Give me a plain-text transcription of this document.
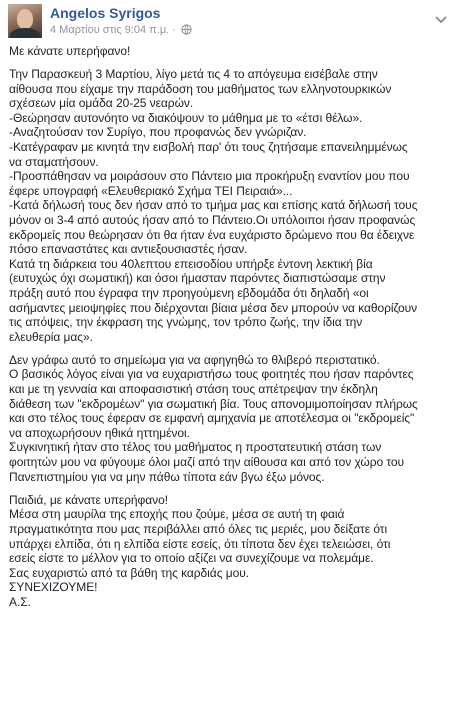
Angelos Syrigos
4 Μαρτίου στις 9:04 π.μ. ·
Με κάνατε υπερήφανο!
Την Παρασκευή 3 Μαρτίου, λίγο μετά τις 4 το απόγευμα εισέβαλε στην
αίθουσα που είχαμε την παράδοση του μαθήματος των ελληνοτουρκικών
σχέσεων μία ομάδα 20-25 νεαρών.
-Θεώρησαν αυτονόητο να διακόψουν το μάθημα με το «έτσι θέλω».
-Αναζητούσαν τον Συρίγο, που προφανώς δεν γνώριζαν.
-Κατέγραφαν με κινητά την εισβολή παρ' ότι τους ζητήσαμε επανειλημμένως
να σταματήσουν.
-Προσπάθησαν να μοιράσουν στο Πάντειο μια προκήρυξη εναντίον μου που
έφερε υπογραφή «Ελευθεριακό Σχήμα ΤΕΙ Πειραιά»...
-Κατά δήλωσή τους δεν ήσαν από το τμήμα μας και επίσης κατά δήλωσή τους
μόνον οι 3-4 από αυτούς ήσαν από το Πάντειο.Οι υπόλοιποι ήσαν προφανώς
εκδρομείς που θεώρησαν ότι θα ήταν ένα ευχάριστο δρώμενο που θα έδειχνε
πόσο επαναστάτες και αντιεξουσιαστές ήσαν.
Κατά τη διάρκεια του 40λεπτου επεισοδίου υπήρξε έντονη λεκτική βία
(ευτυχώς όχι σωματική) και όσοι ήμασταν παρόντες διαπιστώσαμε στην
πράξη αυτό που έγραφα την προηγούμενη εβδομάδα ότι δηλαδή «οι
ασήμαντες μειοψηφίες που διέρχονται βίαια μέσα δεν μπορούν να καθορίζουν
τις απόψεις, την έκφραση της γνώμης, τον τρόπο ζωής, την ίδια την
ελευθερία μας».
Δεν γράφω αυτό το σημείωμα για να αφηγηθώ το θλιβερό περιστατικό.
Ο βασικός λόγος είναι για να ευχαριστήσω τους φοιτητές που ήσαν παρόντες
και με τη γενναία και αποφασιστική στάση τους απέτρεψαν την έκδηλη
διάθεση των "εκδρομέων" για σωματική βία. Τους απονομιμοποίησαν πλήρως
και στο τέλος τους έφεραν σε εμφανή αμηχανία με αποτέλεσμα οι "εκδρομείς"
να αποχωρήσουν ηθικά ηττημένοι.
Συγκινητική ήταν στο τέλος του μαθήματος η προστατευτική στάση των
φοιτητών μου να φύγουμε όλοι μαζί από την αίθουσα και από τον χώρο του
Πανεπιστημίου για να μην πάθω τίποτα εάν βγω έξω μόνος.
Παιδιά, με κάνατε υπερήφανο!
Μέσα στη μαυρίλα της εποχής που ζούμε, μέσα σε αυτή τη φαιά
πραγματικότητα που μας περιβάλλει από όλες τις μεριές, μου δείξατε ότι
υπάρχει ελπίδα, ότι η ελπίδα είστε εσείς, ότι τίποτα δεν έχει τελειώσει, ότι
εσείς είστε το μέλλον για το οποίο αξίζει να συνεχίζουμε να πολεμάμε.
Σας ευχαριστώ από τα βάθη της καρδιάς μου.
ΣΥΝΕΧΙΖΟΥΜΕ!
Α.Σ.
